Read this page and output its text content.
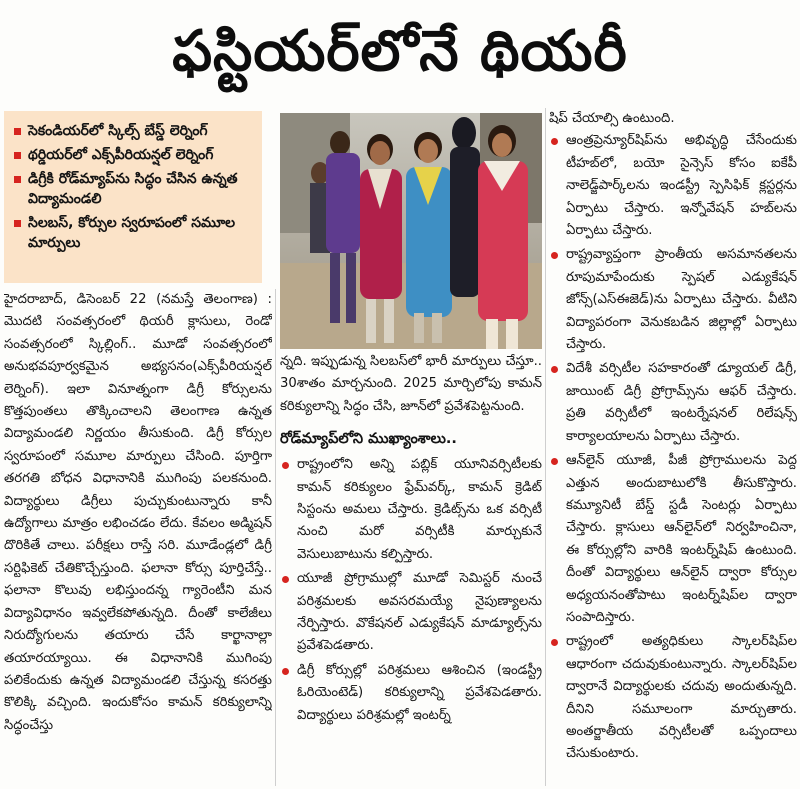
ఫస్టియర్‌లోనే థియరీ
సెకండియర్‌లో స్కిల్స్ బేస్డ్ లెర్నింగ్
థర్డియర్‌లో ఎక్స్‌పీరియన్షల్ లెర్నింగ్
డిగ్రీకి రోడ్‌మ్యాప్‌ను సిద్ధం చేసిన ఉన్నత విద్యామండలి
సిలబస్, కోర్సుల స్వరూపంలో సమూల మార్పులు

హైదరాబాద్, డిసెంబర్ 22 (నమస్తే తెలంగాణ) : మొదటి సంవత్సరంలో థియరీ క్లాసులు, రెండో సంవత్సరంలో స్కిల్లింగ్.. మూడో సంవత్సరంలో అనుభవపూర్వకమైన అభ్యసనం(ఎక్స్‌పీరియన్షల్ లెర్నింగ్). ఇలా వినూత్నంగా డిగ్రీ కోర్సులను కొత్తపుంతలు తొక్కించాలని తెలంగాణ ఉన్నత విద్యామండలి నిర్ణయం తీసుకుంది. డిగ్రీ కోర్సుల స్వరూపంలో సమూల మార్పులు చేసింది. పూర్తిగా తరగతి బోధన విధానానికి ముగింపు పలకనుంది. విద్యార్థులు డిగ్రీలు పుచ్చుకుంటున్నారు కానీ ఉద్యోగాలు మాత్రం లభించడం లేదు. కేవలం అడ్మిషన్ దొరికితే చాలు. పరీక్షలు రాస్తే సరి. మూడేండ్లలో డిగ్రీ సర్టిఫికెట్ చేతికొచ్చేస్తుంది. ఫలానా కోర్సు పూర్తిచేస్తే.. ఫలానా కొలువు లభిస్తుందన్న గ్యారెంటీని మన విద్యావిధానం ఇవ్వలేకపోతున్నది. దీంతో కాలేజీలు నిరుద్యోగులను తయారు చేసే కార్ఖానాల్లా తయారయ్యాయి. ఈ విధానానికి ముగింపు పలికేందుకు ఉన్నత విద్యామండలి చేస్తున్న కసరత్తు కొలిక్కి వచ్చింది. ఇందుకోసం కామన్ కరిక్యులాన్ని సిద్ధంచేస్తు

న్నది. ఇప్పుడున్న సిలబస్‌లో భారీ మార్పులు చేస్తూ.. 30శాతం మార్చనుంది. 2025 మార్చిలోపు కామన్ కరిక్యులాన్ని సిద్ధం చేసి, జూన్‌లో ప్రవేశపెట్టనుంది.

రోడ్‌మ్యాప్‌లోని ముఖ్యాంశాలు..

రాష్ట్రంలోని అన్ని పబ్లిక్ యూనివర్సిటీలకు కామన్ కరిక్యులం ఫ్రేమ్‌వర్క్, కామన్ క్రెడిట్ సిస్టంను అమలు చేస్తారు. క్రెడిట్స్‌ను ఒక వర్సిటీ నుంచి మరో వర్సిటీకి మార్చుకునే వెసులుబాటును కల్పిస్తారు.

యూజీ ప్రోగ్రాముల్లో మూడో సెమిస్టర్ నుంచే పరిశ్రమలకు అవసరమయ్యే నైపుణ్యాలను నేర్పిస్తారు. వొకేషనల్ ఎడ్యుకేషన్ మాడ్యూల్స్‌ను ప్రవేశపెడతారు.

డిగ్రీ కోర్సుల్లో పరిశ్రమలు ఆశించిన (ఇండస్ట్రీ ఓరియెంటెడ్) కరిక్యులాన్ని ప్రవేశపెడతారు. విద్యార్థులు పరిశ్రమల్లో ఇంటర్న్

షిప్ చేయాల్సి ఉంటుంది.

ఆంత్రప్రెన్యూర్‌షిప్‌ను అభివృద్ధి చేసేందుకు టీహబ్‌లో, బయో సైన్సెస్ కోసం ఐకేపీ నాలెడ్జ్‌పార్క్‌లను ఇండస్ట్రీ స్పెసిఫిక్ క్లస్టర్లను ఏర్పాటు చేస్తారు. ఇన్నోవేషన్ హబ్‌లను ఏర్పాటు చేస్తారు.

రాష్ట్రవ్యాప్తంగా ప్రాంతీయ అసమానతలను రూపుమాపేందుకు స్పెషల్ ఎడ్యుకేషన్ జోన్స్(ఎస్‌ఈజెడ్)ను ఏర్పాటు చేస్తారు. వీటిని విద్యాపరంగా వెనుకబడిన జిల్లాల్లో ఏర్పాటు చేస్తారు.

విదేశీ వర్సిటీల సహకారంతో డ్యూయల్ డిగ్రీ, జాయింట్ డిగ్రీ ప్రోగ్రామ్స్‌ను ఆఫర్ చేస్తారు. ప్రతి వర్సిటీలో ఇంటర్నేషనల్ రిలేషన్స్ కార్యాలయాలను ఏర్పాటు చేస్తారు.

ఆన్‌లైన్ యూజీ, పీజీ ప్రోగ్రాములను పెద్ద ఎత్తున అందుబాటులోకి తీసుకొస్తారు. కమ్యూనిటీ బేస్డ్ స్టడీ సెంటర్లు ఏర్పాటు చేస్తారు. క్లాసులు ఆన్‌లైన్‌లో నిర్వహించినా, ఈ కోర్సుల్లోని వారికి ఇంటర్న్‌షిప్ ఉంటుంది. దీంతో విద్యార్థులు ఆన్‌లైన్ ద్వారా కోర్సుల అధ్యయనంతోపాటు ఇంటర్న్‌షిప్‌ల ద్వారా సంపాదిస్తారు.

రాష్ట్రంలో అత్యధికులు స్కాలర్‌షిప్‌ల ఆధారంగా చదువుకుంటున్నారు. స్కాలర్‌షిప్‌ల ద్వారానే విద్యార్థులకు చదువు అందుతున్నది. దీనిని సమూలంగా మార్చుతారు. అంతర్జాతీయ వర్సిటీలతో ఒప్పందాలు చేసుకుంటారు.
